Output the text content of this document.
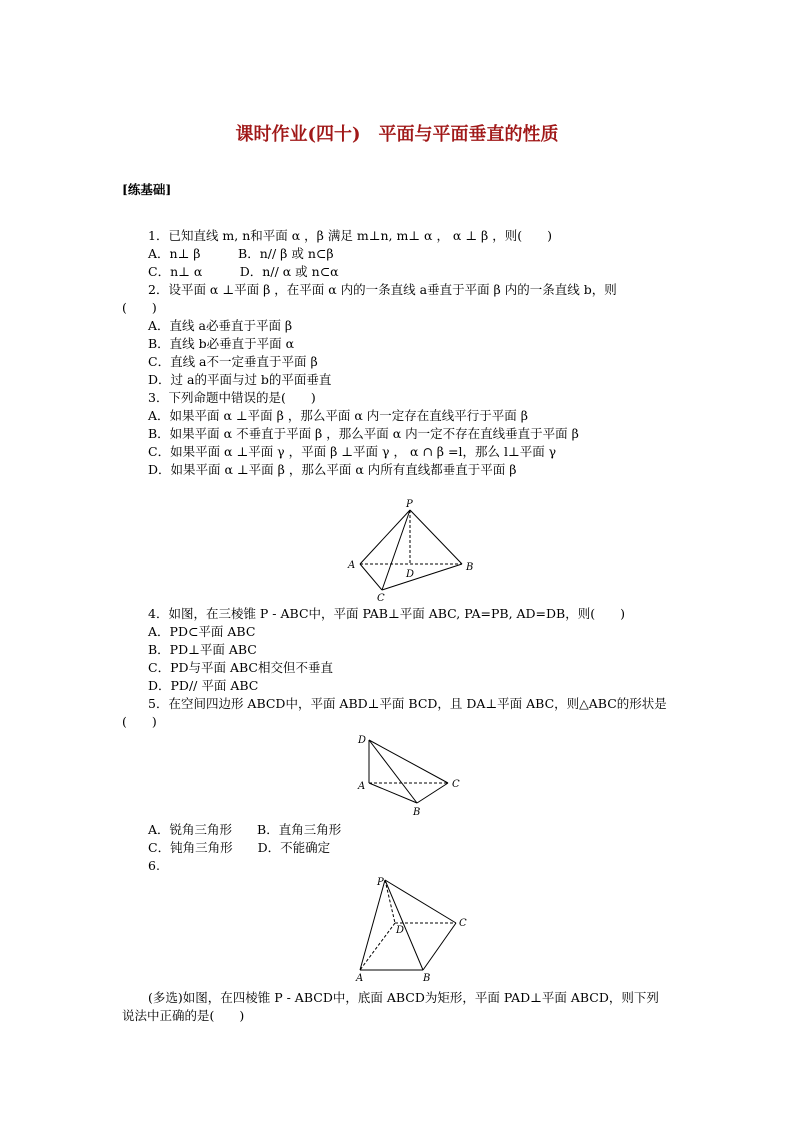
课时作业(四十)　平面与平面垂直的性质
[练基础]
1．已知直线 m, n和平面 α ，β 满足 m⊥n, m⊥ α ， α ⊥ β ，则(　　)
A．n⊥ β　　　B．n// β 或 n⊂β
C．n⊥ α　　　D．n// α 或 n⊂α
2．设平面 α ⊥平面 β ，在平面 α 内的一条直线 a垂直于平面 β 内的一条直线 b，则
(　　)
A．直线 a必垂直于平面 β
B．直线 b必垂直于平面 α
C．直线 a不一定垂直于平面 β
D．过 a的平面与过 b的平面垂直
3．下列命题中错误的是(　　)
A．如果平面 α ⊥平面 β ，那么平面 α 内一定存在直线平行于平面 β
B．如果平面 α 不垂直于平面 β ，那么平面 α 内一定不存在直线垂直于平面 β
C．如果平面 α ⊥平面 γ ，平面 β ⊥平面 γ ， α ∩ β =l，那么 l⊥平面 γ
D．如果平面 α ⊥平面 β ，那么平面 α 内所有直线都垂直于平面 β
P
A	B
C
D
4．如图，在三棱锥 P - ABC中，平面 PAB⊥平面 ABC, PA=PB, AD=DB，则(　　)
A．PD⊂平面 ABC
B．PD⊥平面 ABC
C．PD与平面 ABC相交但不垂直
D．PD// 平面 ABC
5．在空间四边形 ABCD中，平面 ABD⊥平面 BCD，且 DA⊥平面 ABC，则△ABC的形状是
(　　)
D
A
B
C
A．锐角三角形　　B．直角三角形
C．钝角三角形　　D．不能确定
6.
P
D
C
A	B
(多选)如图，在四棱锥 P - ABCD中，底面 ABCD为矩形，平面 PAD⊥平面 ABCD，则下列
说法中正确的是(　　)
